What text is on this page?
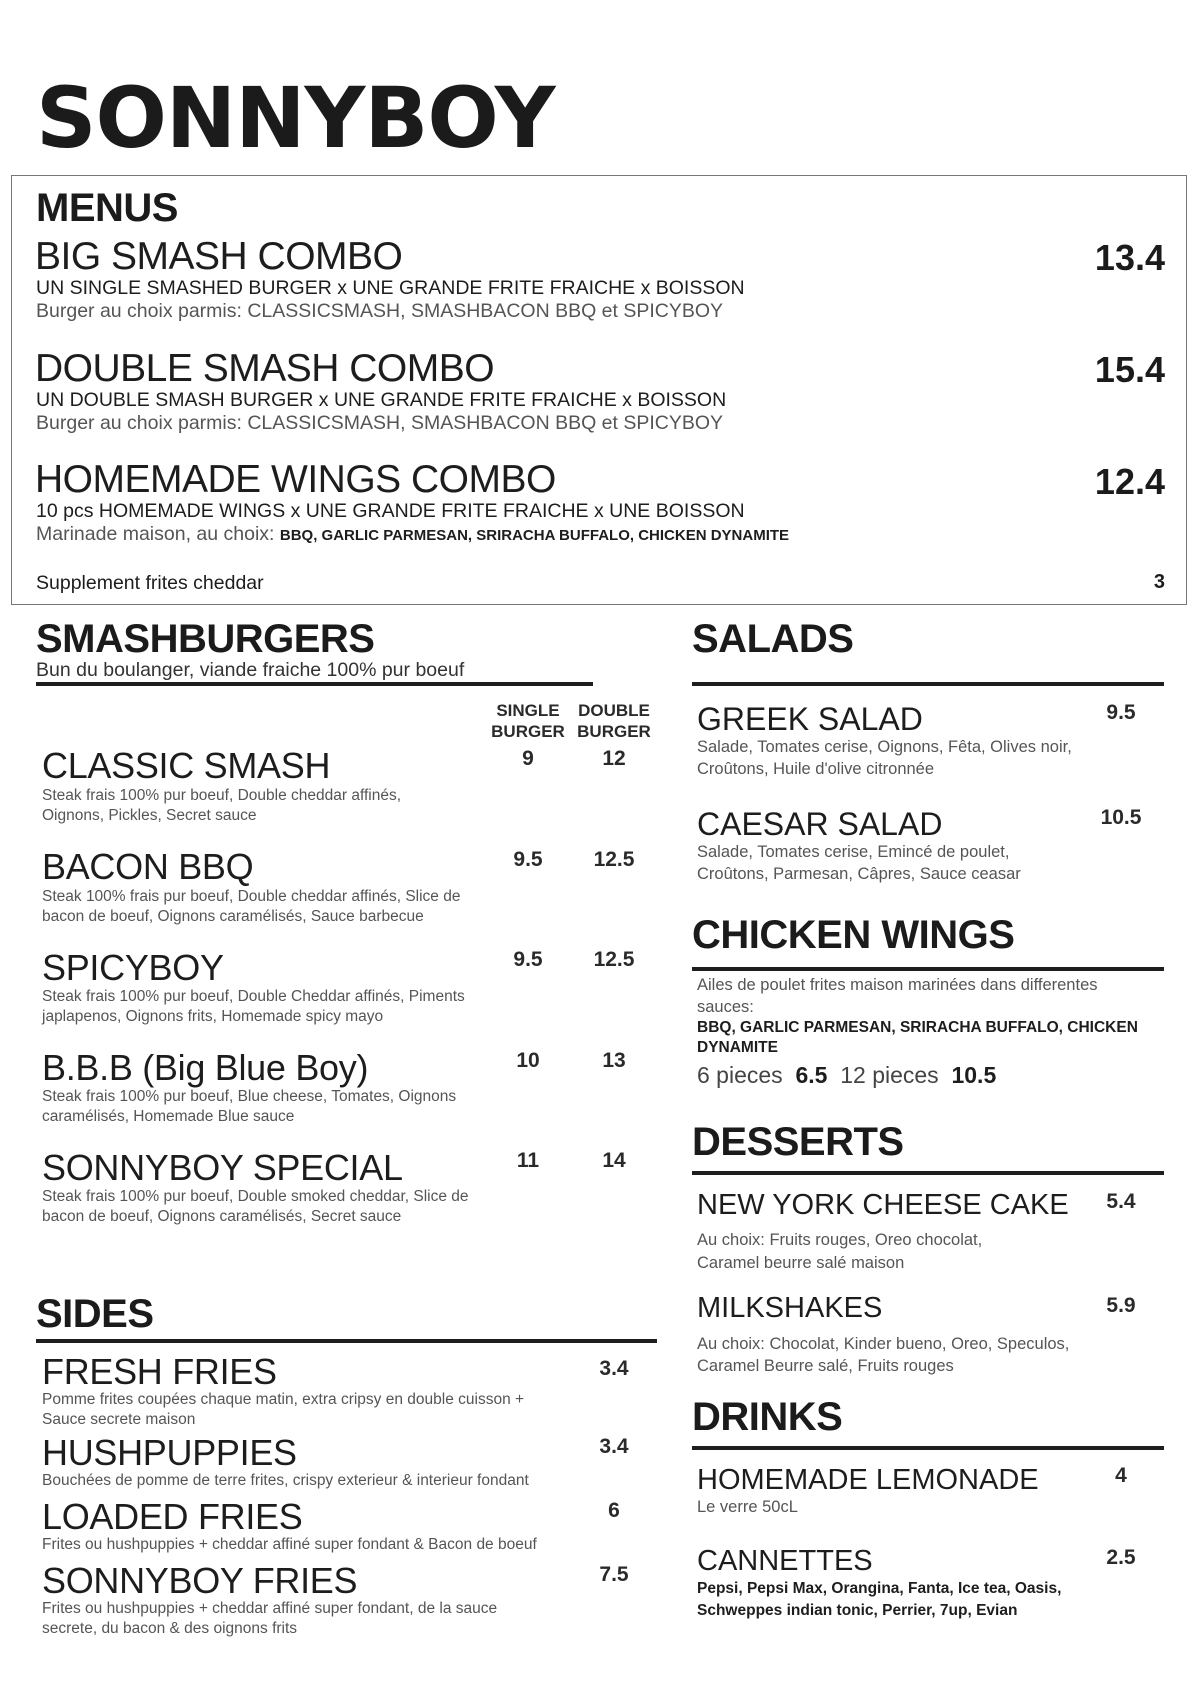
SONNYBOY
MENUS
BIG SMASH COMBO
UN SINGLE SMASHED BURGER x UNE GRANDE FRITE FRAICHE x BOISSON
Burger au choix parmis: CLASSICSMASH, SMASHBACON BBQ et SPICYBOY
13.4
DOUBLE SMASH COMBO
UN DOUBLE SMASH BURGER x UNE GRANDE FRITE FRAICHE x BOISSON
Burger au choix parmis: CLASSICSMASH, SMASHBACON BBQ et SPICYBOY
15.4
HOMEMADE WINGS COMBO
10 pcs HOMEMADE WINGS x UNE GRANDE FRITE FRAICHE x UNE BOISSON
Marinade maison, au choix: BBQ, GARLIC PARMESAN, SRIRACHA BUFFALO, CHICKEN DYNAMITE
12.4
Supplement frites cheddar	3
SMASHBURGERS
Bun du boulanger, viande fraiche 100% pur boeuf
SINGLE
BURGER
DOUBLE
BURGER
CLASSIC SMASH
Steak frais 100% pur boeuf, Double cheddar affinés, Oignons, Pickles, Secret sauce
9	12
BACON BBQ
Steak 100% frais pur boeuf, Double cheddar affinés, Slice de bacon de boeuf, Oignons caramélisés, Sauce barbecue
9.5	12.5
SPICYBOY
Steak frais 100% pur boeuf, Double Cheddar affinés, Piments japlapenos, Oignons frits, Homemade spicy mayo
9.5	12.5
B.B.B (Big Blue Boy)
Steak frais 100% pur boeuf, Blue cheese, Tomates, Oignons caramélisés, Homemade Blue sauce
10	13
SONNYBOY SPECIAL
Steak frais 100% pur boeuf, Double smoked cheddar, Slice de bacon de boeuf, Oignons caramélisés, Secret sauce
11	14
SIDES
FRESH FRIES
Pomme frites coupées chaque matin, extra cripsy en double cuisson + Sauce secrete maison
3.4
HUSHPUPPIES
Bouchées de pomme de terre frites, crispy exterieur & interieur fondant
3.4
LOADED FRIES
Frites ou hushpuppies + cheddar affiné super fondant & Bacon de boeuf
6
SONNYBOY FRIES
Frites ou hushpuppies + cheddar affiné super fondant, de la sauce secrete, du bacon & des oignons frits
7.5
SALADS
GREEK SALAD
Salade, Tomates cerise, Oignons, Fêta, Olives noir, Croûtons, Huile d'olive citronnée
9.5
CAESAR SALAD
Salade, Tomates cerise, Emincé de poulet, Croûtons, Parmesan, Câpres, Sauce ceasar
10.5
CHICKEN WINGS
Ailes de poulet frites maison marinées dans differentes sauces:
BBQ, GARLIC PARMESAN, SRIRACHA BUFFALO, CHICKEN DYNAMITE
6 pieces 6.5 12 pieces 10.5
DESSERTS
NEW YORK CHEESE CAKE
Au choix: Fruits rouges, Oreo chocolat, Caramel beurre salé maison
5.4
MILKSHAKES
Au choix: Chocolat, Kinder bueno, Oreo, Speculos, Caramel Beurre salé, Fruits rouges
5.9
DRINKS
HOMEMADE LEMONADE
Le verre 50cL
4
CANNETTES
Pepsi, Pepsi Max, Orangina, Fanta, Ice tea, Oasis, Schweppes indian tonic, Perrier, 7up, Evian
2.5
